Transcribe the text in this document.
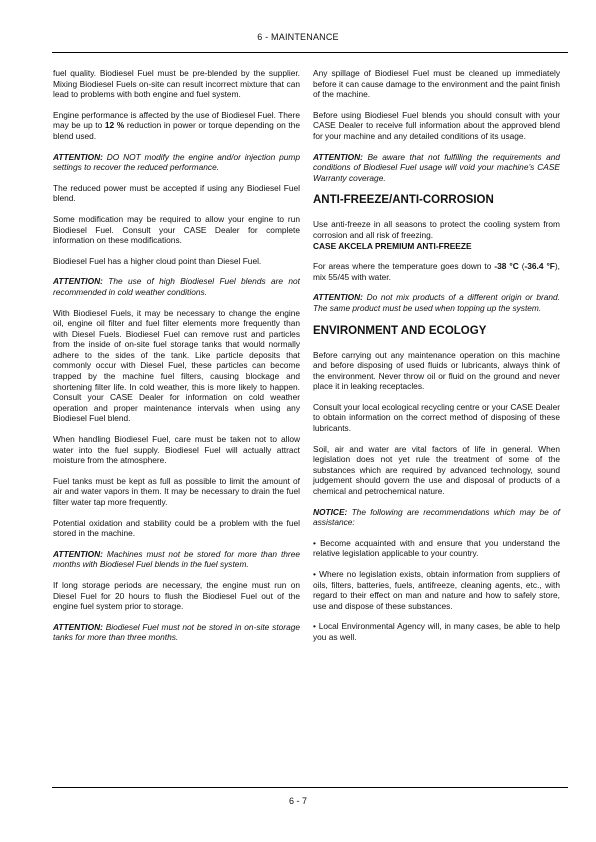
6 - MAINTENANCE

fuel quality. Biodiesel Fuel must be pre-blended by the supplier. Mixing Biodiesel Fuels on-site can result incorrect mixture that can lead to problems with both engine and fuel system.

Engine performance is affected by the use of Biodiesel Fuel. There may be up to 12 % reduction in power or torque depending on the blend used.

ATTENTION: DO NOT modify the engine and/or injection pump settings to recover the reduced performance.

The reduced power must be accepted if using any Biodiesel Fuel blend.

Some modification may be required to allow your engine to run Biodiesel Fuel. Consult your CASE Dealer for complete information on these modifications.

Biodiesel Fuel has a higher cloud point than Diesel Fuel.

ATTENTION: The use of high Biodiesel Fuel blends are not recommended in cold weather conditions.

With Biodiesel Fuels, it may be necessary to change the engine oil, engine oil filter and fuel filter elements more frequently than with Diesel Fuels. Biodiesel Fuel can remove rust and particles from the inside of on-site fuel storage tanks that would normally adhere to the sides of the tank. Like particle deposits that commonly occur with Diesel Fuel, these particles can become trapped by the machine fuel filters, causing blockage and shortening filter life. In cold weather, this is more likely to happen. Consult your CASE Dealer for information on cold weather operation and proper maintenance intervals when using any Biodiesel Fuel blend.

When handling Biodiesel Fuel, care must be taken not to allow water into the fuel supply. Biodiesel Fuel will actually attract moisture from the atmosphere.

Fuel tanks must be kept as full as possible to limit the amount of air and water vapors in them. It may be necessary to drain the fuel filter water tap more frequently.

Potential oxidation and stability could be a problem with the fuel stored in the machine.

ATTENTION: Machines must not be stored for more than three months with Biodiesel Fuel blends in the fuel system.

If long storage periods are necessary, the engine must run on Diesel Fuel for 20 hours to flush the Biodiesel Fuel out of the engine fuel system prior to storage.

ATTENTION: Biodiesel Fuel must not be stored in on-site storage tanks for more than three months.

Any spillage of Biodiesel Fuel must be cleaned up immediately before it can cause damage to the environment and the paint finish of the machine.

Before using Biodiesel Fuel blends you should consult with your CASE Dealer to receive full information about the approved blend for your machine and any detailed conditions of its usage.

ATTENTION: Be aware that not fulfilling the requirements and conditions of Biodiesel Fuel usage will void your machine’s CASE Warranty coverage.

ANTI-FREEZE/ANTI-CORROSION

Use anti-freeze in all seasons to protect the cooling system from corrosion and all risk of freezing.
CASE AKCELA PREMIUM ANTI-FREEZE

For areas where the temperature goes down to -38 °C (-36.4 °F), mix 55/45 with water.

ATTENTION: Do not mix products of a different origin or brand. The same product must be used when topping up the system.

ENVIRONMENT AND ECOLOGY

Before carrying out any maintenance operation on this machine and before disposing of used fluids or lubricants, always think of the environment. Never throw oil or fluid on the ground and never place it in leaking receptacles.

Consult your local ecological recycling centre or your CASE Dealer to obtain information on the correct method of disposing of these lubricants.

Soil, air and water are vital factors of life in general. When legislation does not yet rule the treatment of some of the substances which are required by advanced technology, sound judgement should govern the use and disposal of products of a chemical and petrochemical nature.

NOTICE: The following are recommendations which may be of assistance:

• Become acquainted with and ensure that you understand the relative legislation applicable to your country.

• Where no legislation exists, obtain information from suppliers of oils, filters, batteries, fuels, antifreeze, cleaning agents, etc., with regard to their effect on man and nature and how to safely store, use and dispose of these substances.

• Local Environmental Agency will, in many cases, be able to help you as well.

6 - 7
